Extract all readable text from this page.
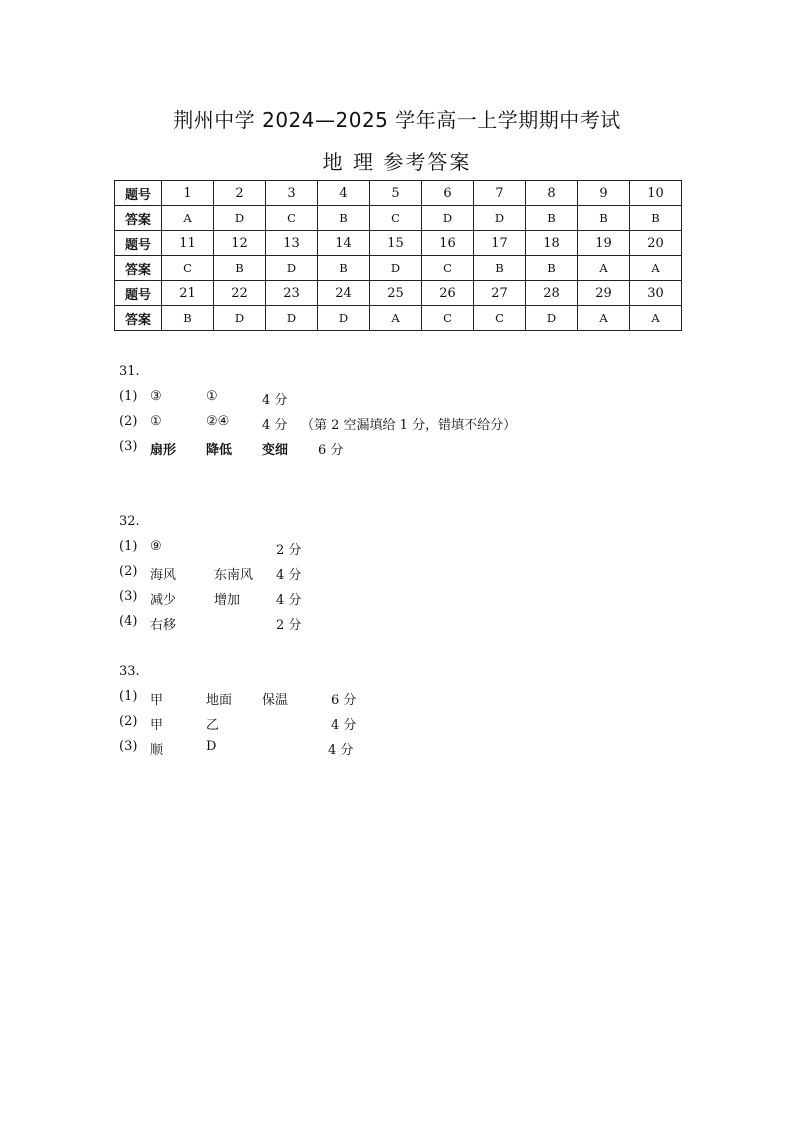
荆州中学 2024—2025 学年高一上学期期中考试
地 理 参考答案
题号	1	2	3	4	5	6	7	8	9	10
答案	A	D	C	B	C	D	D	B	B	B
题号	11	12	13	14	15	16	17	18	19	20
答案	C	B	D	B	D	C	B	B	A	A
题号	21	22	23	24	25	26	27	28	29	30
答案	B	D	D	D	A	C	C	D	A	A
31.
(1) ③	①	4 分
(2) ①	②④	4 分 （第 2 空漏填给 1 分，错填不给分）
(3) 扇形 降低 变细 6 分
32.
(1) ⑨	2 分
(2) 海风	东南风 4 分
(3) 减少	增加	4 分
(4) 右移	2 分
33.
(1) 甲	地面 保温	6 分
(2) 甲	乙	4 分
(3) 顺	D	4 分
